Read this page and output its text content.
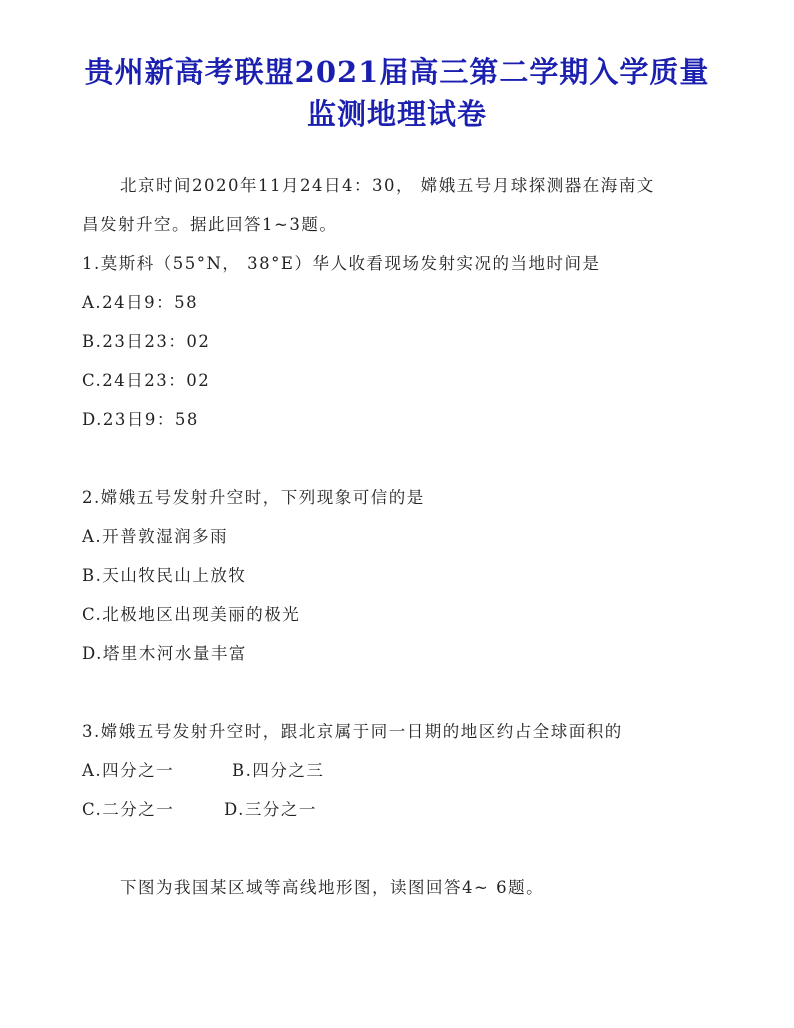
贵州新高考联盟2021届高三第二学期入学质量
监测地理试卷
北京时间2020年11月24日4：30， 嫦娥五号月球探测器在海南文
昌发射升空。据此回答1~3题。
1.莫斯科（55°N， 38°E）华人收看现场发射实况的当地时间是
A.24日9：58
B.23日23：02
C.24日23：02
D.23日9：58
2.嫦娥五号发射升空时，下列现象可信的是
A.开普敦湿润多雨
B.天山牧民山上放牧
C.北极地区出现美丽的极光
D.塔里木河水量丰富
3.嫦娥五号发射升空时，跟北京属于同一日期的地区约占全球面积的
A.四分之一	B.四分之三
C.二分之一	D.三分之一
下图为我国某区域等高线地形图，读图回答4~ 6题。
